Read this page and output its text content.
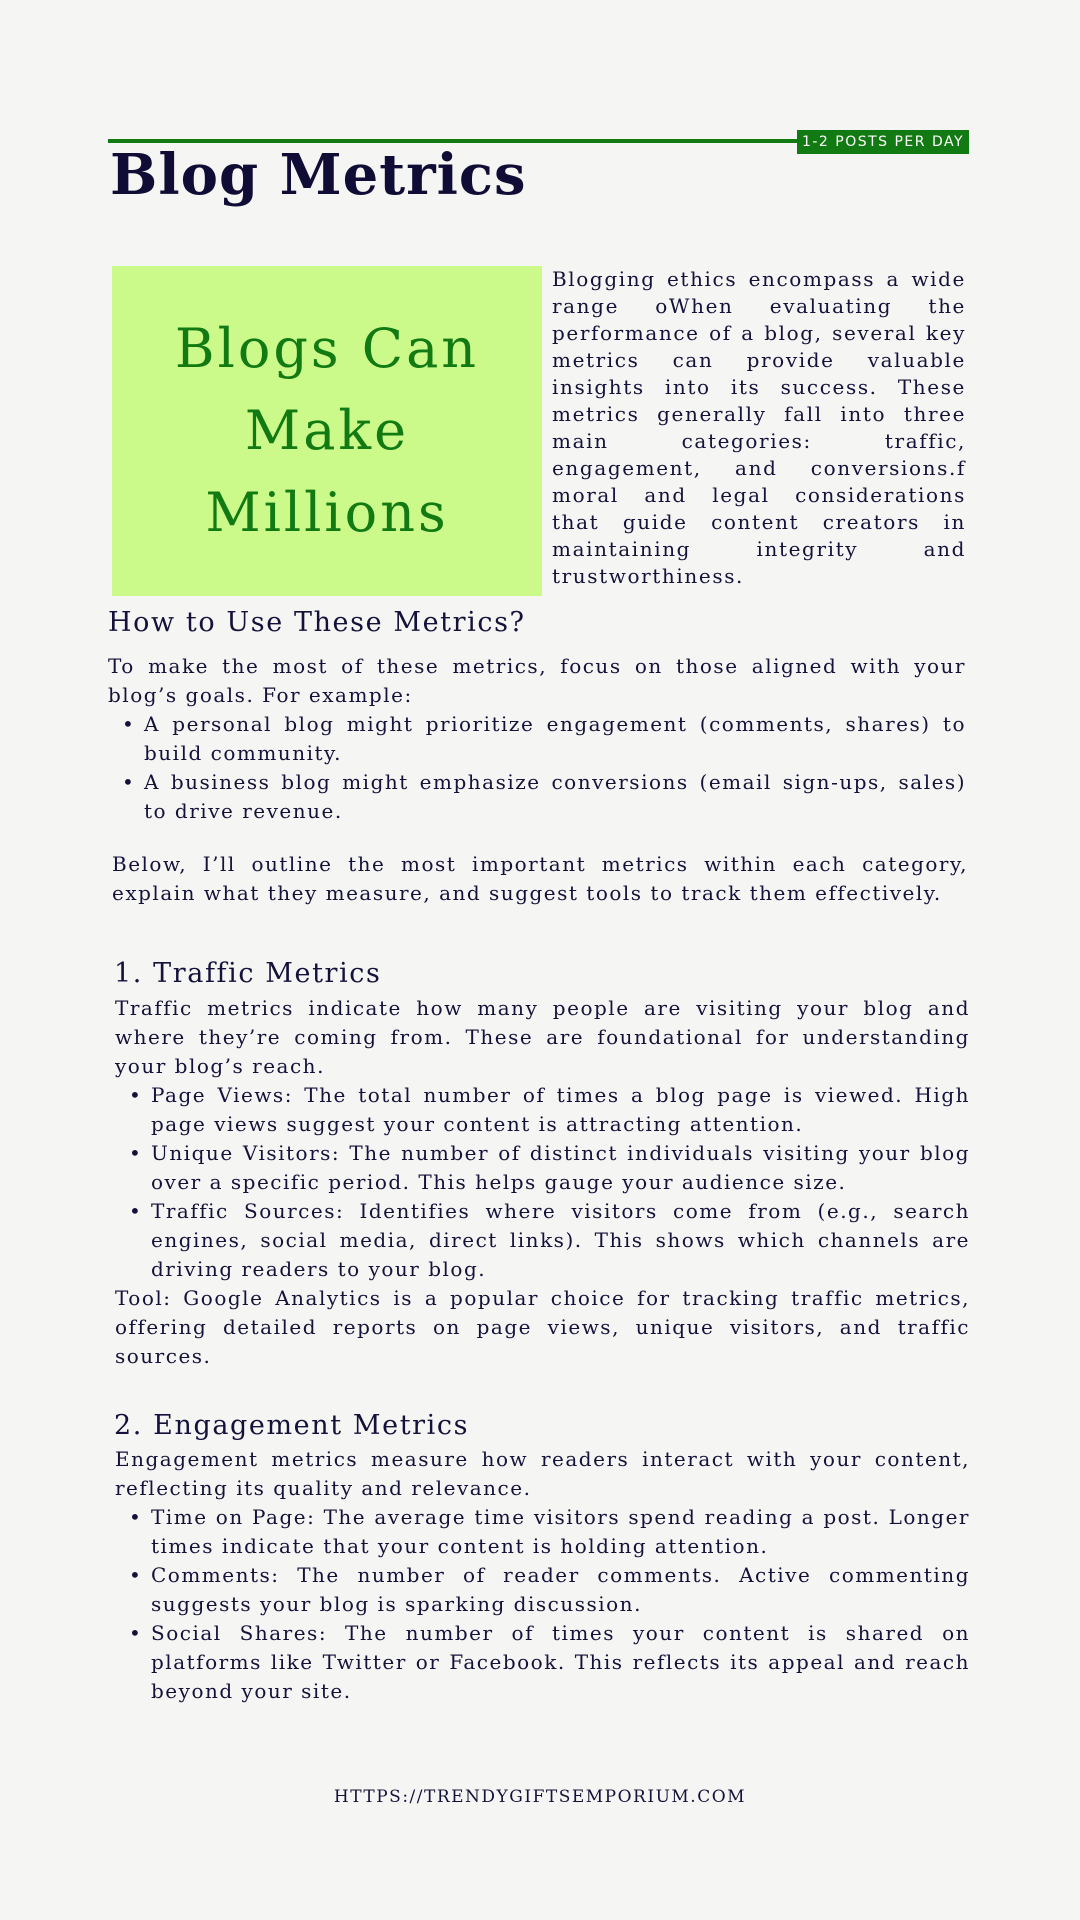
1-2 POSTS PER DAY
Blog Metrics

Blogs Can Make Millions

Blogging ethics encompass a wide range oWhen evaluating the performance of a blog, several key metrics can provide valuable insights into its success. These metrics generally fall into three main categories: traffic, engagement, and conversions.f moral and legal considerations that guide content creators in maintaining integrity and trustworthiness.

How to Use These Metrics?

To make the most of these metrics, focus on those aligned with your blog’s goals. For example:

• A personal blog might prioritize engagement (comments, shares) to build community.
• A business blog might emphasize conversions (email sign-ups, sales) to drive revenue.

Below, I’ll outline the most important metrics within each category, explain what they measure, and suggest tools to track them effectively.

1. Traffic Metrics

Traffic metrics indicate how many people are visiting your blog and where they’re coming from. These are foundational for understanding your blog’s reach.

• Page Views: The total number of times a blog page is viewed. High page views suggest your content is attracting attention.
• Unique Visitors: The number of distinct individuals visiting your blog over a specific period. This helps gauge your audience size.
• Traffic Sources: Identifies where visitors come from (e.g., search engines, social media, direct links). This shows which channels are driving readers to your blog.

Tool: Google Analytics is a popular choice for tracking traffic metrics, offering detailed reports on page views, unique visitors, and traffic sources.

2. Engagement Metrics

Engagement metrics measure how readers interact with your content, reflecting its quality and relevance.

• Time on Page: The average time visitors spend reading a post. Longer times indicate that your content is holding attention.
• Comments: The number of reader comments. Active commenting suggests your blog is sparking discussion.
• Social Shares: The number of times your content is shared on platforms like Twitter or Facebook. This reflects its appeal and reach beyond your site.
HTTPS://TRENDYGIFTSEMPORIUM.COM
